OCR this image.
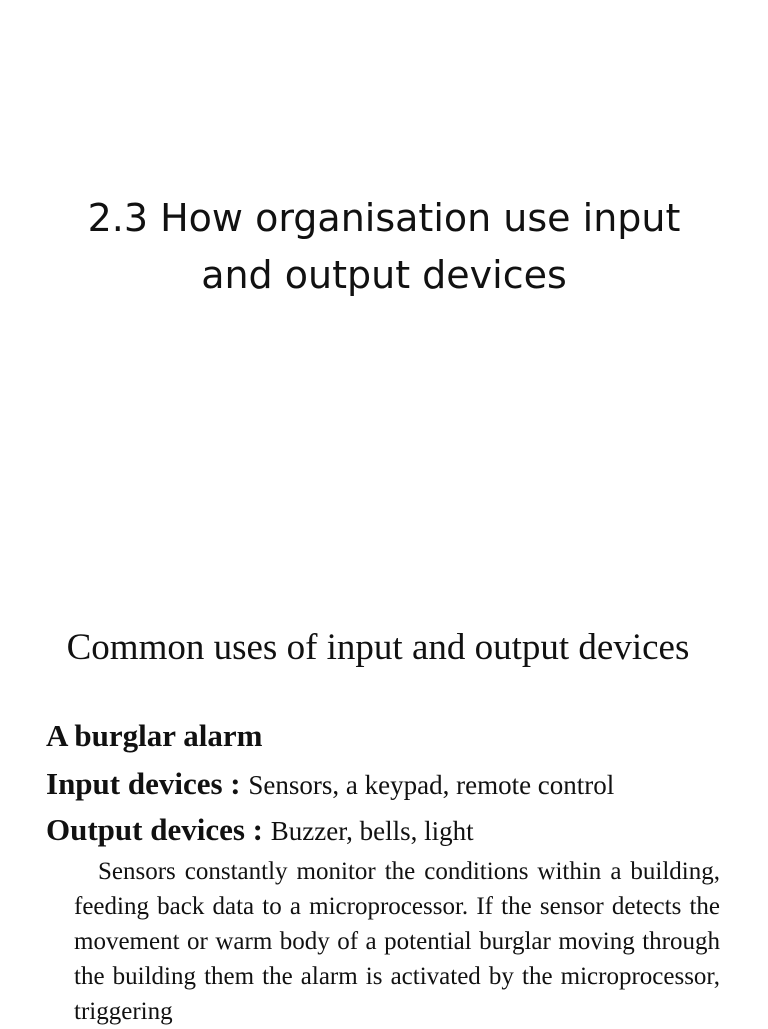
2.3 How organisation use input
and output devices
Common uses of input and output devices
A burglar alarm
Input devices : Sensors, a keypad, remote control
Output devices : Buzzer, bells, light
Sensors constantly monitor the conditions within a building, feeding back data to a microprocessor. If the sensor detects the movement or warm body of a potential burglar moving through the building them the alarm is activated by the microprocessor, triggering
